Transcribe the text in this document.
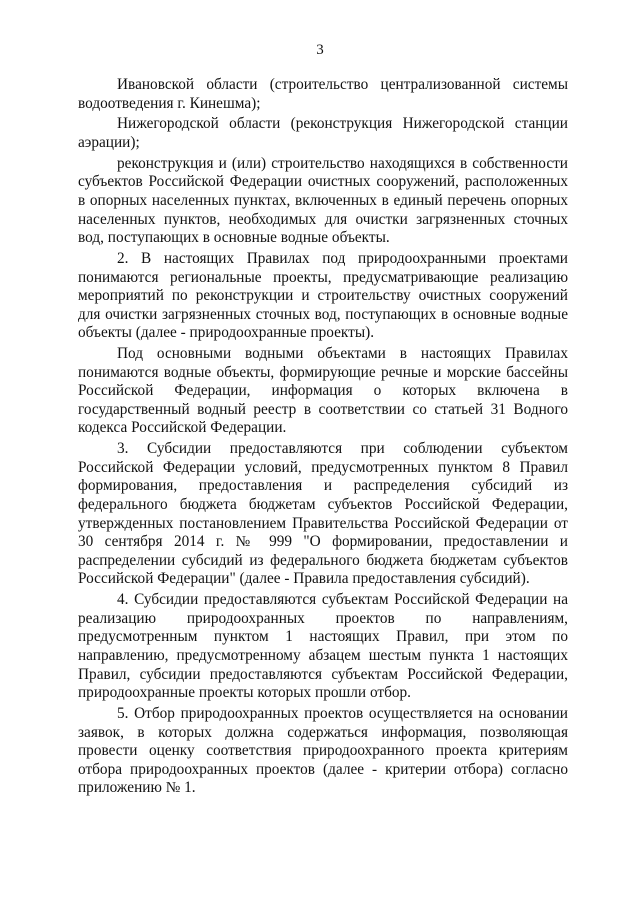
3

Ивановской области (строительство централизованной системы водоотведения г. Кинешма);

Нижегородской области (реконструкция Нижегородской станции аэрации);

реконструкция и (или) строительство находящихся в собственности субъектов Российской Федерации очистных сооружений, расположенных в опорных населенных пунктах, включенных в единый перечень опорных населенных пунктов, необходимых для очистки загрязненных сточных вод, поступающих в основные водные объекты.

2. В настоящих Правилах под природоохранными проектами понимаются региональные проекты, предусматривающие реализацию мероприятий по реконструкции и строительству очистных сооружений для очистки загрязненных сточных вод, поступающих в основные водные объекты (далее - природоохранные проекты).

Под основными водными объектами в настоящих Правилах понимаются водные объекты, формирующие речные и морские бассейны Российской Федерации, информация о которых включена в государственный водный реестр в соответствии со статьей 31 Водного кодекса Российской Федерации.

3. Субсидии предоставляются при соблюдении субъектом Российской Федерации условий, предусмотренных пунктом 8 Правил формирования, предоставления и распределения субсидий из федерального бюджета бюджетам субъектов Российской Федерации, утвержденных постановлением Правительства Российской Федерации от 30 сентября 2014 г. № 999 "О формировании, предоставлении и распределении субсидий из федерального бюджета бюджетам субъектов Российской Федерации" (далее - Правила предоставления субсидий).

4. Субсидии предоставляются субъектам Российской Федерации на реализацию природоохранных проектов по направлениям, предусмотренным пунктом 1 настоящих Правил, при этом по направлению, предусмотренному абзацем шестым пункта 1 настоящих Правил, субсидии предоставляются субъектам Российской Федерации, природоохранные проекты которых прошли отбор.

5. Отбор природоохранных проектов осуществляется на основании заявок, в которых должна содержаться информация, позволяющая провести оценку соответствия природоохранного проекта критериям отбора природоохранных проектов (далее - критерии отбора) согласно приложению № 1.
